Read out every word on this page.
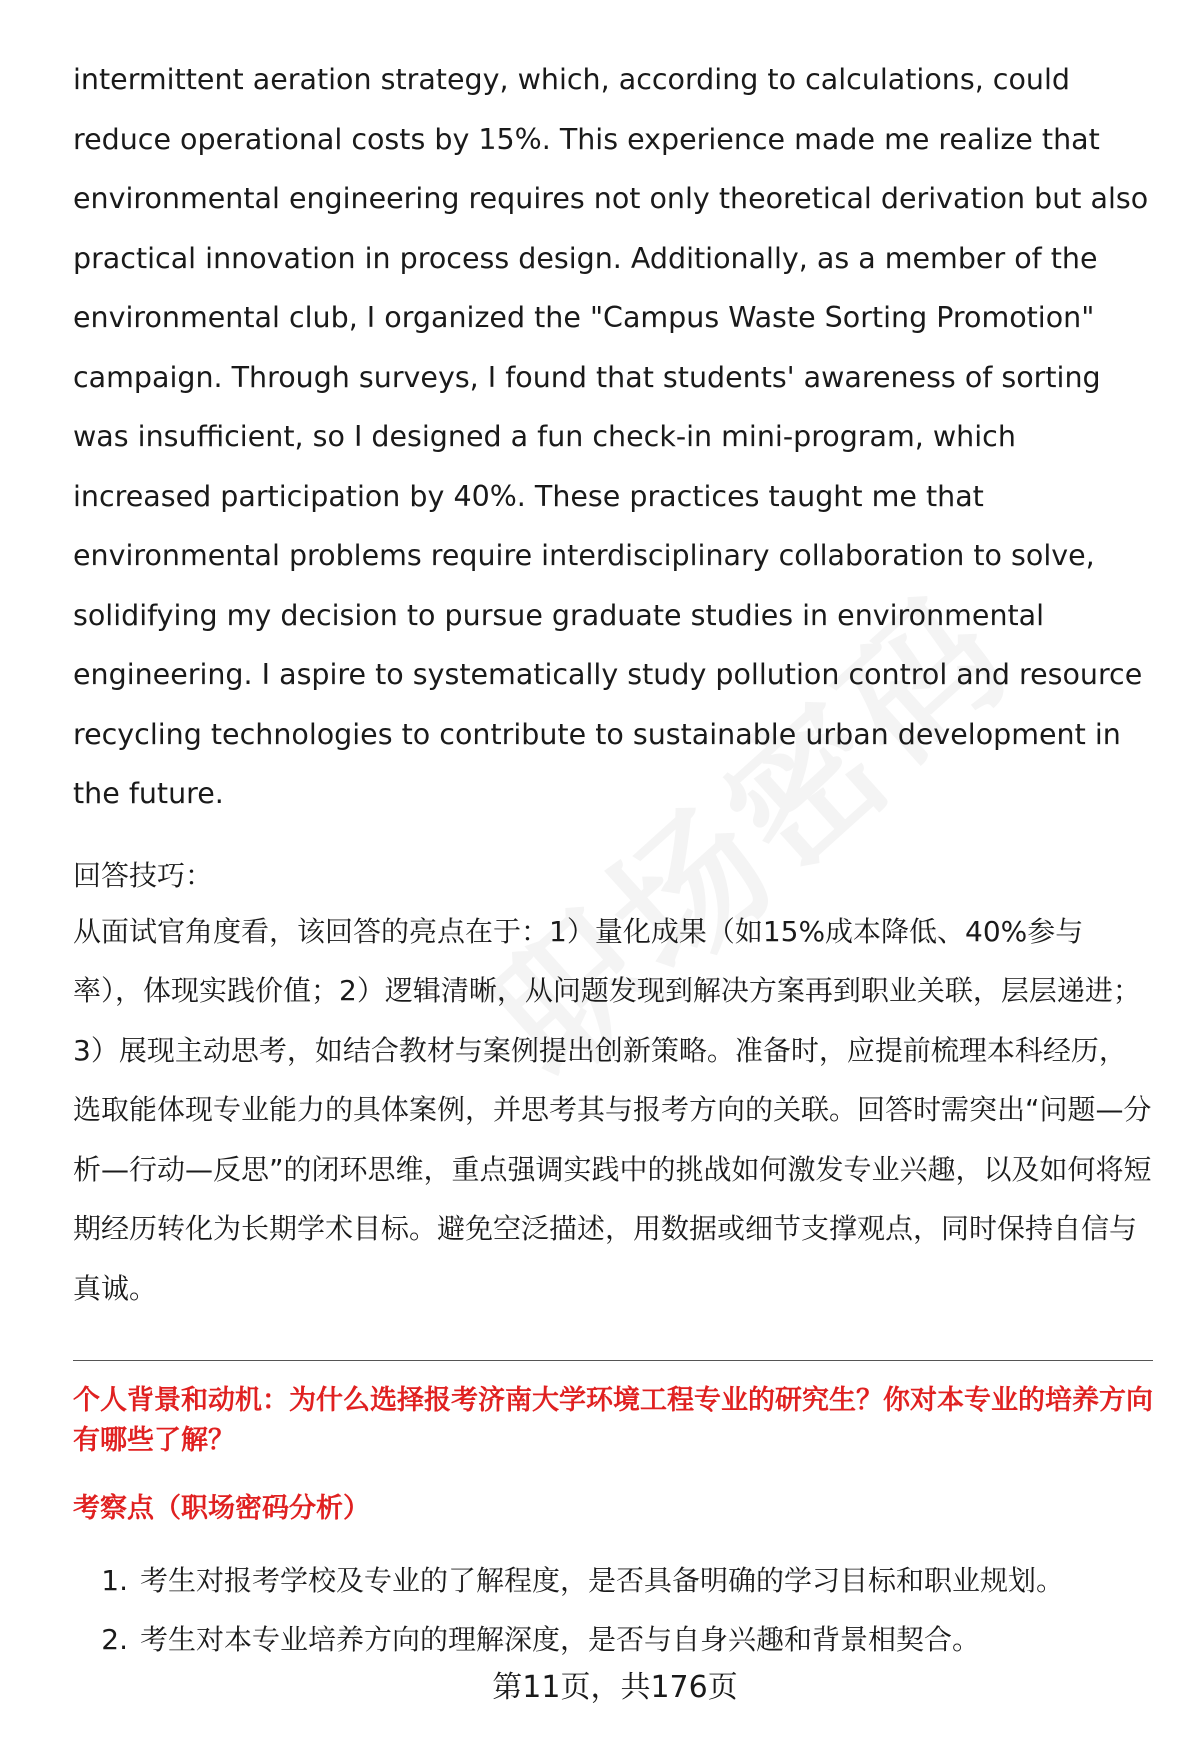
intermittent aeration strategy, which, according to calculations, could reduce operational costs by 15%. This experience made me realize that environmental engineering requires not only theoretical derivation but also practical innovation in process design. Additionally, as a member of the environmental club, I organized the "Campus Waste Sorting Promotion" campaign. Through surveys, I found that students' awareness of sorting was insufficient, so I designed a fun check-in mini-program, which increased participation by 40%. These practices taught me that environmental problems require interdisciplinary collaboration to solve, solidifying my decision to pursue graduate studies in environmental engineering. I aspire to systematically study pollution control and resource recycling technologies to contribute to sustainable urban development in the future.

回答技巧：

从面试官角度看，该回答的亮点在于：1）量化成果（如15%成本降低、40%参与率），体现实践价值；2）逻辑清晰，从问题发现到解决方案再到职业关联，层层递进；3）展现主动思考，如结合教材与案例提出创新策略。准备时，应提前梳理本科经历，选取能体现专业能力的具体案例，并思考其与报考方向的关联。回答时需突出“问题—分析—行动—反思”的闭环思维，重点强调实践中的挑战如何激发专业兴趣，以及如何将短期经历转化为长期学术目标。避免空泛描述，用数据或细节支撑观点，同时保持自信与真诚。

个人背景和动机：为什么选择报考济南大学环境工程专业的研究生？你对本专业的培养方向有哪些了解？

考察点（职场密码分析）

1. 考生对报考学校及专业的了解程度，是否具备明确的学习目标和职业规划。
2. 考生对本专业培养方向的理解深度，是否与自身兴趣和背景相契合。
第11页，共176页
